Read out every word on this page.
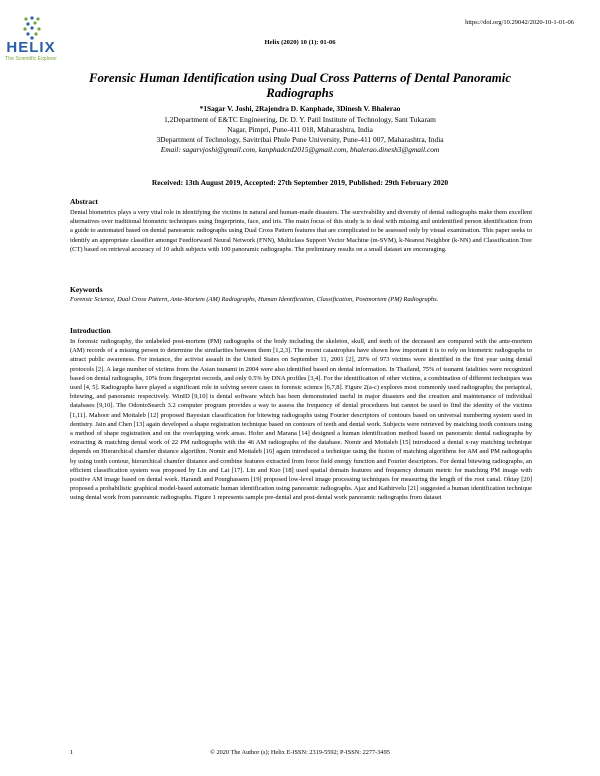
HELIX
The Scientific Explorer
https://doi.org/10.29042/2020-10-1-01-06
Helix (2020) 10 (1): 01-06
Forensic Human Identification using Dual Cross Patterns of Dental Panoramic Radiographs
*1Sagar V. Joshi, 2Rajendra D. Kanphade, 3Dinesh V. Bhalerao
1,2Department of E&TC Engineering, Dr. D. Y. Patil Institute of Technology, Sant Tukaram
Nagar, Pimpri, Pune-411 018, Maharashtra, India
3Department of Technology, Savitribai Phule Pune University, Pune-411 007, Maharashtra, India
Email: sagarvjoshi@gmail.com, kanphadcrd2015@gmail.com, bhalerao.dinesh3@gmail.com
Received: 13th August 2019, Accepted: 27th September 2019, Published: 29th February 2020
Abstract
Dental biometrics plays a very vital role in identifying the victims in natural and human-made disasters. The survivability and diversity of dental radiographs make them excellent alternatives over traditional biometric techniques using fingerprints, face, and iris. The main focus of this study is to deal with missing and unidentified person identification from a guide to automated based on dental panoramic radiographs using Dual Cross Pattern features that are complicated to be assessed only by visual examination. This paper seeks to identify an appropriate classifier amongst Feedforward Neural Network (FNN), Multiclass Support Vector Machine (m-SVM), k-Nearest Neighbor (k-NN) and Classification Tree (CT) based on retrieval accuracy of 10 adult subjects with 100 panoramic radiographs. The preliminary results on a small dataset are encouraging.
Keywords
Forensic Science, Dual Cross Pattern, Ante-Mortem (AM) Radiographs, Human Identification, Classification, Postmortem (PM) Radiographs.
Introduction
In forensic radiography, the unlabeled post-mortem (PM) radiographs of the body including the skeleton, skull, and teeth of the deceased are compared with the ante-mortem (AM) records of a missing person to determine the similarities between them [1,2,3]. The recent catastrophes have shown how important it is to rely on biometric radiographs to attract public awareness. For instance, the activist assault in the United States on September 11, 2001 [2], 20% of 973 victims were identified in the first year using dental protocols [2]. A large number of victims from the Asian tsunami in 2004 were also identified based on dental information. In Thailand, 75% of tsunami fatalities were recognized based on dental radiographs, 10% from fingerprint records, and only 0.5% by DNA profiles [3,4]. For the identification of other victims, a combination of different techniques was used [4, 5]. Radiographs have played a significant role in solving severe cases in forensic science [6,7,8]. Figure 2(a-c) explores most commonly used radiographs; the periapical, bitewing, and panoramic respectively. WinID [9,10] is dental software which has been demonstrated useful in major disasters and the creation and maintenance of individual databases [9,10]. The OdontoSearch 3.2 computer program provides a way to assess the frequency of dental procedures but cannot be used to find the identity of the victims [1,11]. Mahoor and Mottaleb [12] proposed Bayesian classification for bitewing radiographs using Fourier descriptors of contours based on universal numbering system used in dentistry. Jain and Chen [13] again developed a shape registration technique based on contours of teeth and dental work. Subjects were retrieved by matching tooth contours using a method of shape registration and on the overlapping work areas. Hofer and Marana [14] designed a human identification method based on panoramic dental radiographs by extracting & matching dental work of 22 PM radiographs with the 46 AM radiographs of the database. Nomir and Mottaleb [15] introduced a dental x-ray matching technique depends on Hierarchical chamfer distance algorithm. Nomir and Mottaleb [16] again introduced a technique using the fusion of matching algorithms for AM and PM radiographs by using tooth contour, hierarchical chamfer distance and combine features extracted from force field energy function and Fourier descriptors. For dental bitewing radiographs, an efficient classification system was proposed by Lin and Lai [17]. Lin and Kuo [18] used spatial domain features and frequency domain metric for matching PM image with positive AM image based on dental work. Harandi and Pourghassem [19] proposed low-level image processing techniques for measuring the length of the root canal. Oktay [20] proposed a probabilistic graphical model-based automatic human identification using panoramic radiographs. Ajaz and Kathirvelu [21] suggested a human identification technique using dental work from panoramic radiographs. Figure 1 represents sample pre-dental and post-dental work panoramic radiographs from dataset
1	© 2020 The Author (s); Helix E-ISSN: 2319-5592; P-ISSN: 2277-3495
